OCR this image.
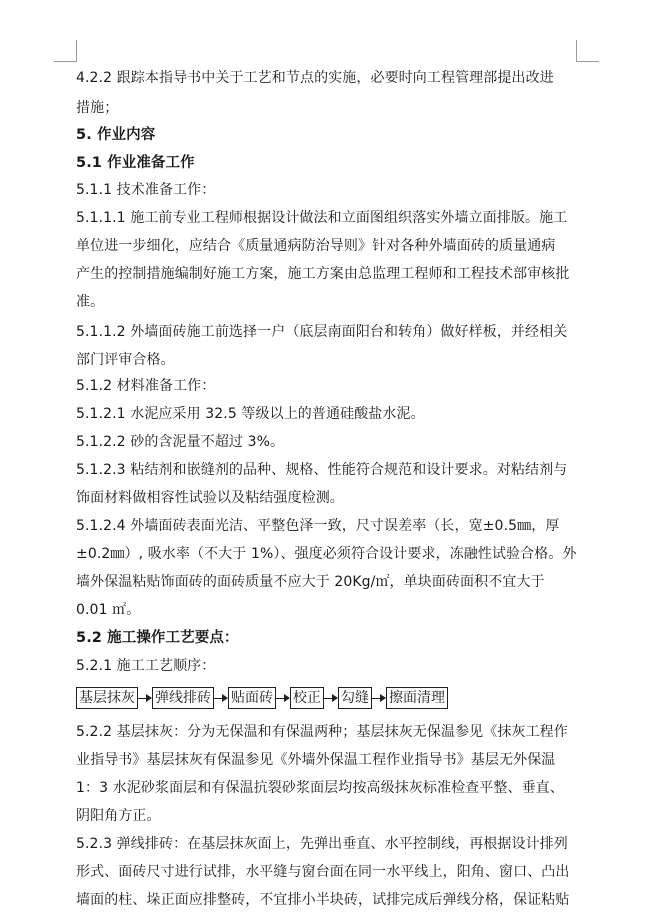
4.2.2 跟踪本指导书中关于工艺和节点的实施，必要时向工程管理部提出改进
措施；
5. 作业内容
5.1 作业准备工作
5.1.1 技术准备工作：
5.1.1.1 施工前专业工程师根据设计做法和立面图组织落实外墙立面排版。施工
单位进一步细化，应结合《质量通病防治导则》针对各种外墙面砖的质量通病
产生的控制措施编制好施工方案，施工方案由总监理工程师和工程技术部审核批
准。
5.1.1.2 外墙面砖施工前选择一户（底层南面阳台和转角）做好样板，并经相关
部门评审合格。
5.1.2 材料准备工作：
5.1.2.1 水泥应采用 32.5 等级以上的普通硅酸盐水泥。
5.1.2.2 砂的含泥量不超过 3%。
5.1.2.3 粘结剂和嵌缝剂的品种、规格、性能符合规范和设计要求。对粘结剂与
饰面材料做相容性试验以及粘结强度检测。
5.1.2.4 外墙面砖表面光洁、平整色泽一致，尺寸误差率（长，宽±0.5㎜，厚
±0.2㎜）, 吸水率（不大于 1%）、强度必须符合设计要求，冻融性试验合格。外
墙外保温粘贴饰面砖的面砖质量不应大于 20Kg/㎡，单块面砖面积不宜大于
0.01 ㎡。
5.2 施工操作工艺要点：
5.2.1 施工工艺顺序：
基层抹灰 弹线排砖 贴面砖 校正 勾缝 擦面清理
5.2.2 基层抹灰：分为无保温和有保温两种；基层抹灰无保温参见《抹灰工程作
业指导书》基层抹灰有保温参见《外墙外保温工程作业指导书》基层无外保温
1：3 水泥砂浆面层和有保温抗裂砂浆面层均按高级抹灰标准检查平整、垂直、
阴阳角方正。
5.2.3 弹线排砖：在基层抹灰面上，先弹出垂直、水平控制线，再根据设计排列
形式、面砖尺寸进行试排，水平缝与窗台面在同一水平线上，阳角、窗口、凸出
墙面的柱、垛正面应排整砖，不宜排小半块砖，试排完成后弹线分格，保证粘贴
